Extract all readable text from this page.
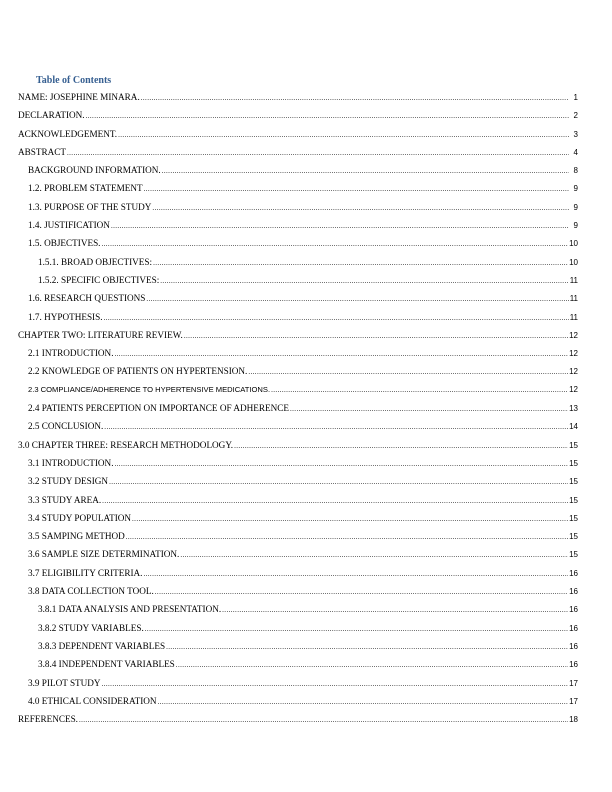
Table of Contents
NAME: JOSEPHINE MINARA. .....	1
DECLARATION. .....	2
ACKNOWLEDGEMENT. .....	3
ABSTRACT .....	4
BACKGROUND INFORMATION. .....	8
1.2. PROBLEM STATEMENT .....	9
1.3. PURPOSE OF THE STUDY .....	9
1.4. JUSTIFICATION .....	9
1.5. OBJECTIVES. .....	10
1.5.1. BROAD OBJECTIVES: .....	10
1.5.2. SPECIFIC OBJECTIVES: .....	11
1.6. RESEARCH QUESTIONS .....	11
1.7. HYPOTHESIS. .....	11
CHAPTER TWO: LITERATURE REVIEW. .....	12
2.1 INTRODUCTION. .....	12
2.2 KNOWLEDGE OF PATIENTS ON HYPERTENSION. .....	12
2.3 COMPLIANCE/ADHERENCE TO HYPERTENSIVE MEDICATIONS. .....	12
2.4 PATIENTS PERCEPTION ON IMPORTANCE OF ADHERENCE .....	13
2.5 CONCLUSION. .....	14
3.0 CHAPTER THREE: RESEARCH METHODOLOGY. .....	15
3.1 INTRODUCTION. .....	15
3.2 STUDY DESIGN .....	15
3.3 STUDY AREA. .....	15
3.4 STUDY POPULATION .....	15
3.5 SAMPING METHOD .....	15
3.6 SAMPLE SIZE DETERMINATION. .....	15
3.7 ELIGIBILITY CRITERIA. .....	16
3.8 DATA COLLECTION TOOL. .....	16
3.8.1 DATA ANALYSIS AND PRESENTATION. .....	16
3.8.2 STUDY VARIABLES. .....	16
3.8.3 DEPENDENT VARIABLES .....	16
3.8.4 INDEPENDENT VARIABLES .....	16
3.9 PILOT STUDY .....	17
4.0 ETHICAL CONSIDERATION .....	17
REFERENCES. .....	18
